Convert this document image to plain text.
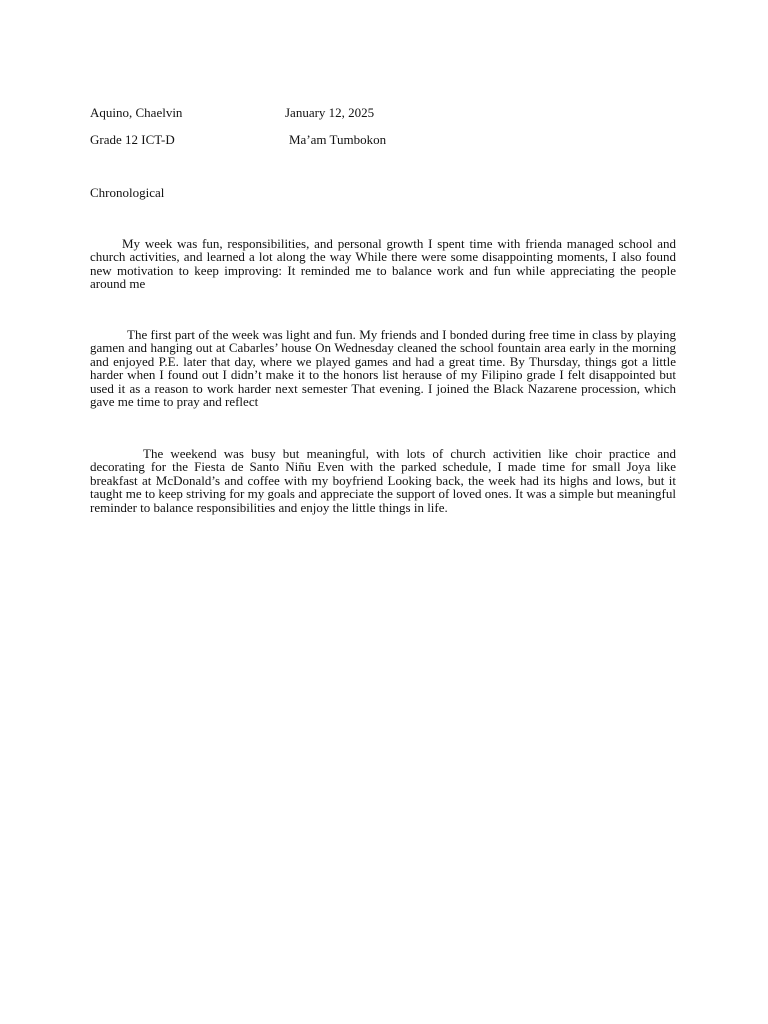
Aquino, Chaelvin	January 12, 2025
Grade 12 ICT-D	Ma’am Tumbokon
Chronological

My week was fun, responsibilities, and personal growth I spent time with frienda managed school and church activities, and learned a lot along the way While there were some disappointing moments, I also found new motivation to keep improving: It reminded me to balance work and fun while appreciating the people around me

The first part of the week was light and fun. My friends and I bonded during free time in class by playing gamen and hanging out at Cabarles’ house On Wednesday cleaned the school fountain area early in the morning and enjoyed P.E. later that day, where we played games and had a great time. By Thursday, things got a little harder when I found out I didn’t make it to the honors list herause of my Filipino grade I felt disappointed but used it as a reason to work harder next semester That evening. I joined the Black Nazarene procession, which gave me time to pray and reflect

The weekend was busy but meaningful, with lots of church activitien like choir practice and decorating for the Fiesta de Santo Niñu Even with the parked schedule, I made time for small Joya like breakfast at McDonald’s and coffee with my boyfriend Looking back, the week had its highs and lows, but it taught me to keep striving for my goals and appreciate the support of loved ones. It was a simple but meaningful reminder to balance responsibilities and enjoy the little things in life.
